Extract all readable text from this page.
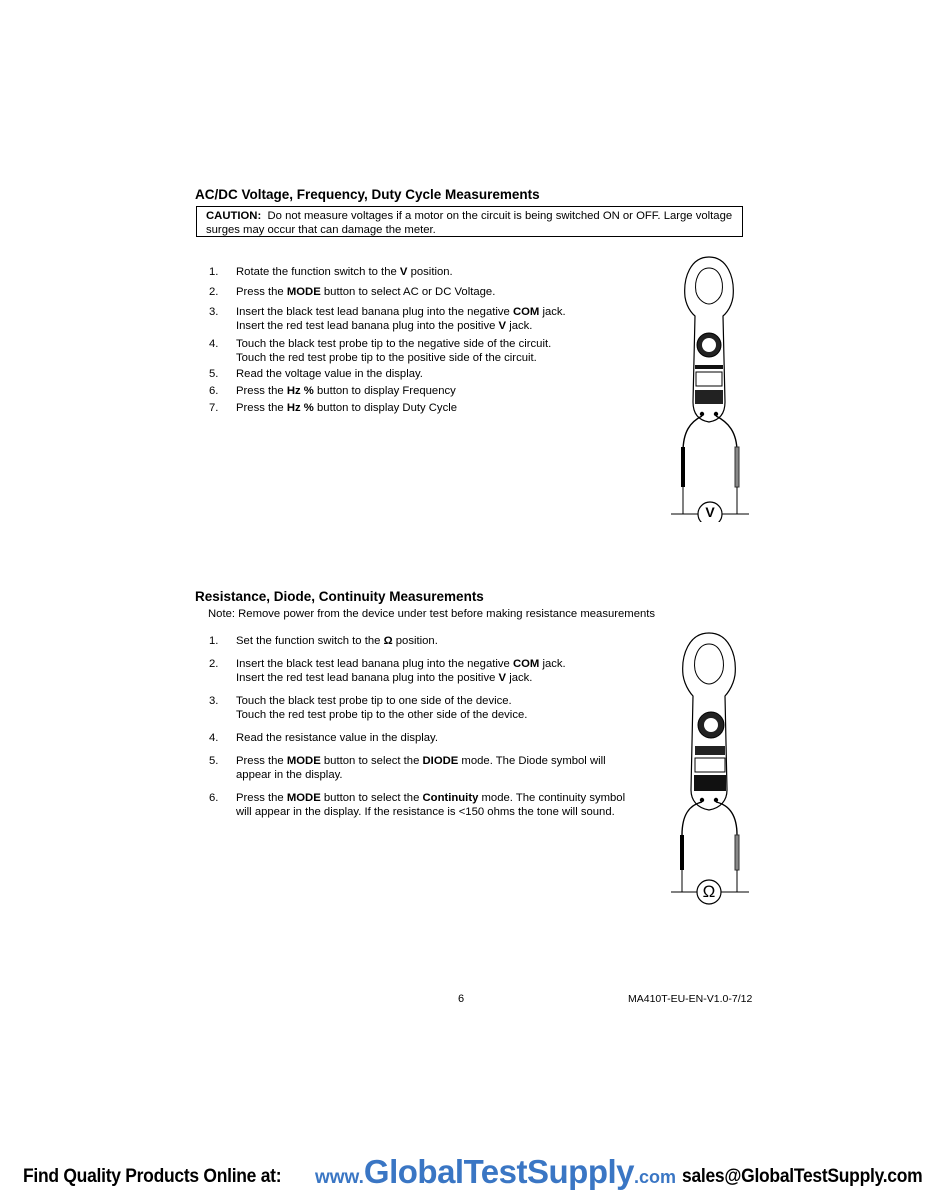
AC/DC Voltage, Frequency, Duty Cycle Measurements
CAUTION: Do not measure voltages if a motor on the circuit is being switched ON or OFF. Large voltage surges may occur that can damage the meter.
1. Rotate the function switch to the V position.
2. Press the MODE button to select AC or DC Voltage.
3. Insert the black test lead banana plug into the negative COM jack.
Insert the red test lead banana plug into the positive V jack.
4. Touch the black test probe tip to the negative side of the circuit.
Touch the red test probe tip to the positive side of the circuit.
5. Read the voltage value in the display.
6. Press the Hz % button to display Frequency
7. Press the Hz % button to display Duty Cycle
V
Resistance, Diode, Continuity Measurements
Note: Remove power from the device under test before making resistance measurements
1. Set the function switch to the Ω position.
2. Insert the black test lead banana plug into the negative COM jack.
Insert the red test lead banana plug into the positive V jack.
3. Touch the black test probe tip to one side of the device.
Touch the red test probe tip to the other side of the device.
4. Read the resistance value in the display.
5. Press the MODE button to select the DIODE mode. The Diode symbol will
appear in the display.
6. Press the MODE button to select the Continuity mode. The continuity symbol
will appear in the display. If the resistance is <150 ohms the tone will sound.
Ω
6	MA410T-EU-EN-V1.0-7/12
Find Quality Products Online at: www.GlobalTestSupply.com sales@GlobalTestSupply.com
